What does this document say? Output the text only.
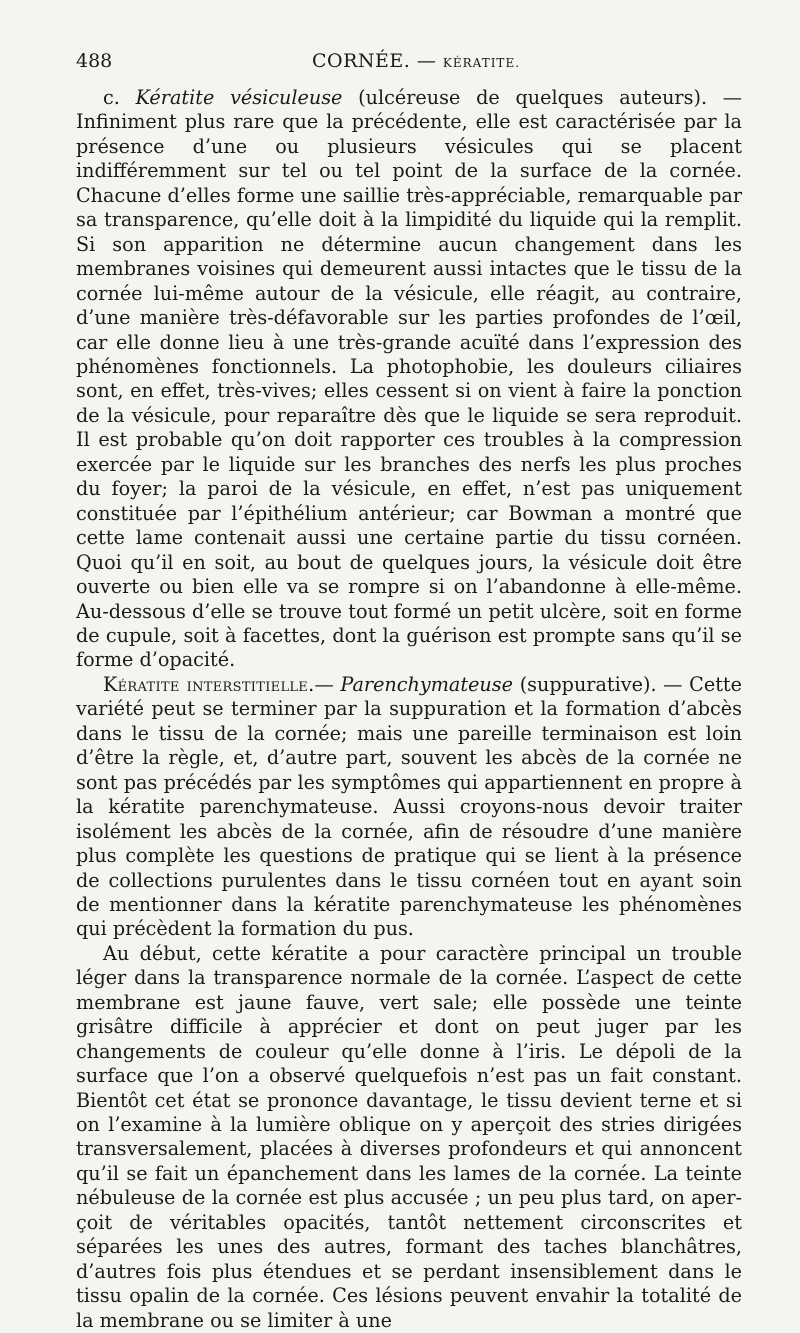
488	CORNÉE. — KÉRATITE.

c. Kératite vésiculeuse (ulcéreuse de quelques auteurs). — Infiniment plus rare que la précédente, elle est caractérisée par la présence d’une ou plusieurs vésicules qui se placent indifféremment sur tel ou tel point de la surface de la cornée. Chacune d’elles forme une saillie très-appréciable, remarquable par sa transparence, qu’elle doit à la limpidité du liquide qui la remplit. Si son apparition ne détermine aucun changement dans les membranes voisines qui demeurent aussi intactes que le tissu de la cornée lui-même autour de la vésicule, elle réagit, au contraire, d’une manière très-défavorable sur les parties profondes de l’œil, car elle donne lieu à une très-grande acuïté dans l’expression des phénomènes fonctionnels. La photophobie, les douleurs ciliaires sont, en effet, très-vives; elles cessent si on vient à faire la ponction de la vésicule, pour reparaître dès que le liquide se sera reproduit. Il est probable qu’on doit rapporter ces troubles à la compression exercée par le liquide sur les branches des nerfs les plus proches du foyer; la paroi de la vésicule, en effet, n’est pas uniquement constituée par l’épithélium antérieur; car Bowman a montré que cette lame contenait aussi une certaine partie du tissu cornéen. Quoi qu’il en soit, au bout de quelques jours, la vésicule doit être ouverte ou bien elle va se rompre si on l’abandonne à elle-même. Au-dessous d’elle se trouve tout formé un petit ulcère, soit en forme de cupule, soit à facettes, dont la guérison est prompte sans qu’il se forme d’opacité.

Kératite interstitielle.— Parenchymateuse (suppurative). — Cette variété peut se terminer par la suppuration et la formation d’abcès dans le tissu de la cornée; mais une pareille terminaison est loin d’être la règle, et, d’autre part, souvent les abcès de la cornée ne sont pas précédés par les symptômes qui appartiennent en propre à la kératite parenchymateuse. Aussi croyons-nous devoir traiter isolément les abcès de la cornée, afin de résoudre d’une manière plus complète les questions de pratique qui se lient à la présence de collections purulentes dans le tissu cornéen tout en ayant soin de mentionner dans la kératite parenchymateuse les phénomènes qui précèdent la formation du pus.

Au début, cette kératite a pour caractère principal un trouble léger dans la transparence normale de la cornée. L’aspect de cette membrane est jaune fauve, vert sale; elle possède une teinte grisâtre difficile à apprécier et dont on peut juger par les changements de couleur qu’elle donne à l’iris. Le dépoli de la surface que l’on a observé quelquefois n’est pas un fait constant. Bientôt cet état se prononce davantage, le tissu devient terne et si on l’examine à la lumière oblique on y aperçoit des stries dirigées transversalement, placées à diverses profondeurs et qui annoncent qu’il se fait un épanchement dans les lames de la cornée. La teinte nébuleuse de la cornée est plus accusée ; un peu plus tard, on aperçoit de véritables opacités, tantôt nettement circonscrites et séparées les unes des autres, formant des taches blanchâtres, d’autres fois plus étendues et se perdant insensiblement dans le tissu opalin de la cornée. Ces lésions peuvent envahir la totalité de la membrane ou se limiter à une
